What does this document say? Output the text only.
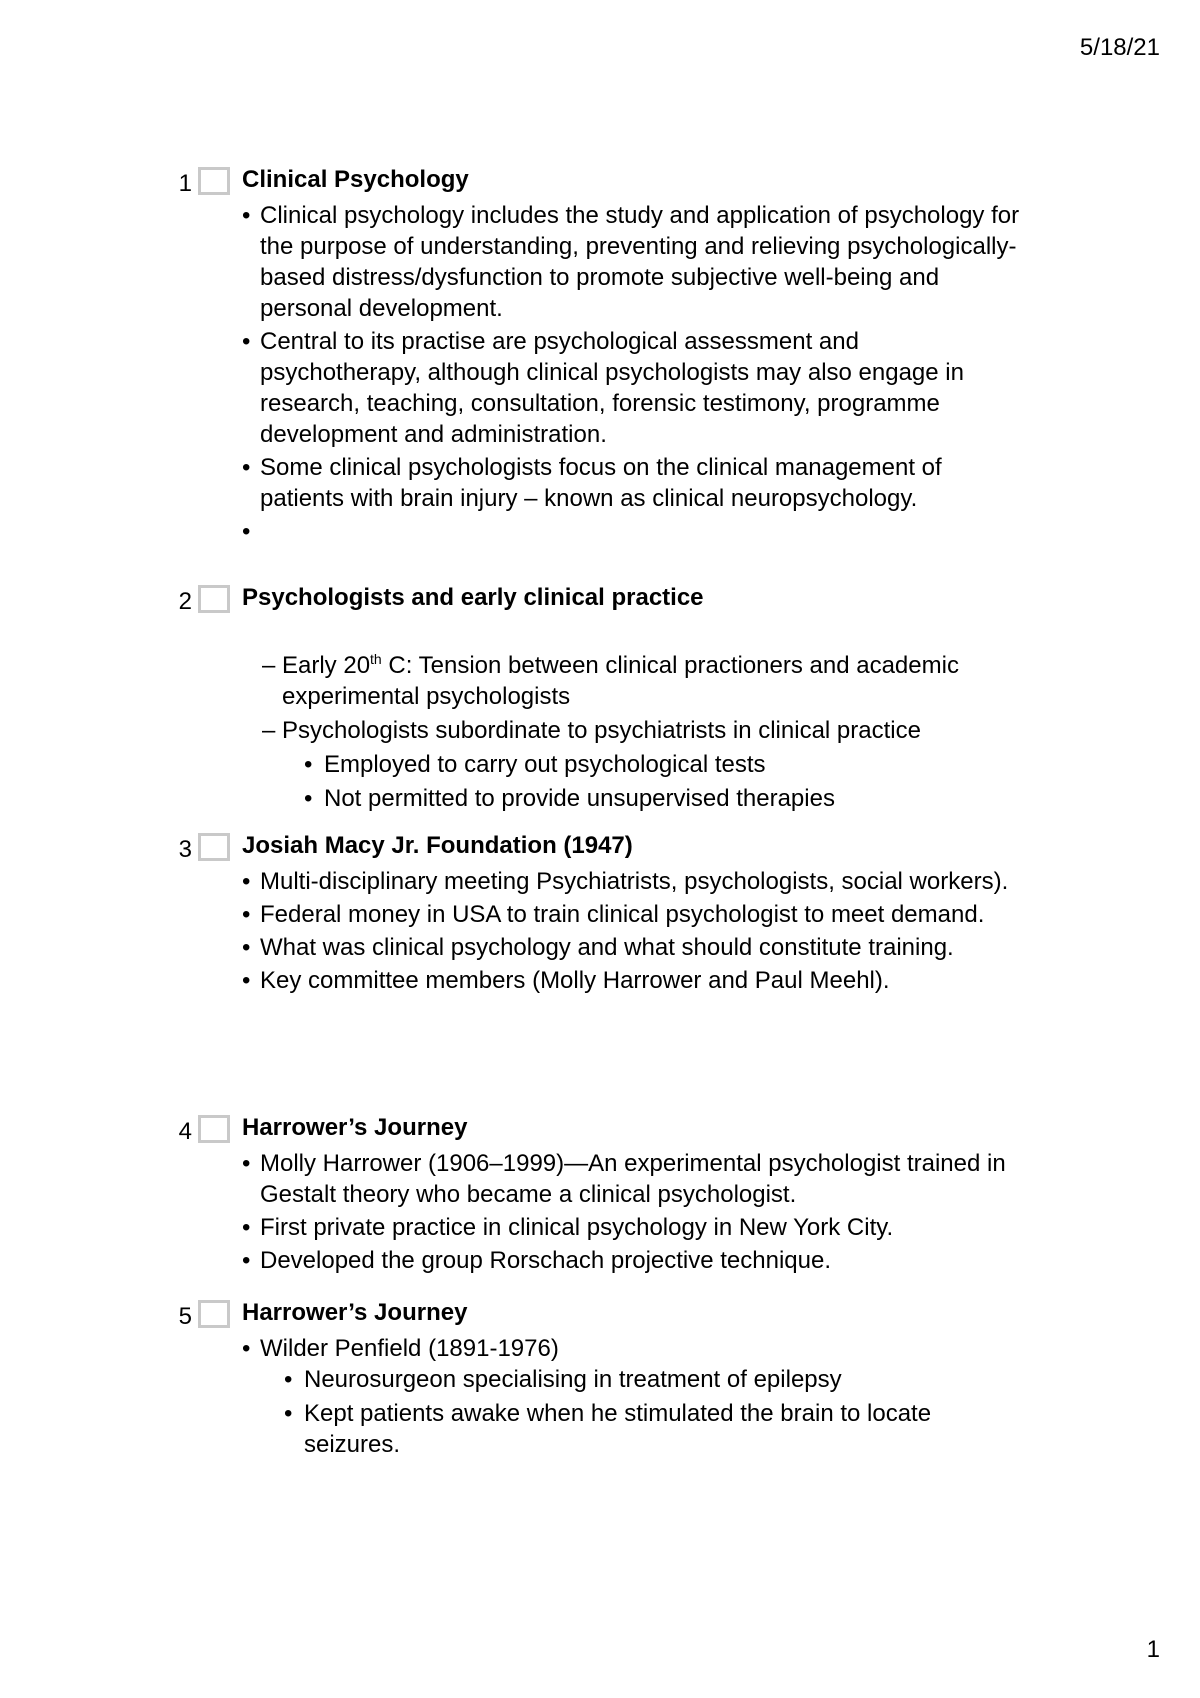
5/18/21
1 Clinical Psychology
• Clinical psychology includes the study and application of psychology for the purpose of understanding, preventing and relieving psychologically-based distress/dysfunction to promote subjective well-being and personal development.
• Central to its practise are psychological assessment and psychotherapy, although clinical psychologists may also engage in research, teaching, consultation, forensic testimony, programme development and administration.
• Some clinical psychologists focus on the clinical management of patients with brain injury – known as clinical neuropsychology.
•

2 Psychologists and early clinical practice
– Early 20th C: Tension between clinical practioners and academic experimental psychologists
– Psychologists subordinate to psychiatrists in clinical practice
• Employed to carry out psychological tests
• Not permitted to provide unsupervised therapies
3 Josiah Macy Jr. Foundation (1947)
• Multi-disciplinary meeting Psychiatrists, psychologists, social workers).
• Federal money in USA to train clinical psychologist to meet demand.
• What was clinical psychology and what should constitute training.
• Key committee members (Molly Harrower and Paul Meehl).
4 Harrower’s Journey
• Molly Harrower (1906–1999)—An experimental psychologist trained in Gestalt theory who became a clinical psychologist.
• First private practice in clinical psychology in New York City.
• Developed the group Rorschach projective technique.
5 Harrower’s Journey
• Wilder Penfield (1891-1976)
• Neurosurgeon specialising in treatment of epilepsy
• Kept patients awake when he stimulated the brain to locate seizures.
1
